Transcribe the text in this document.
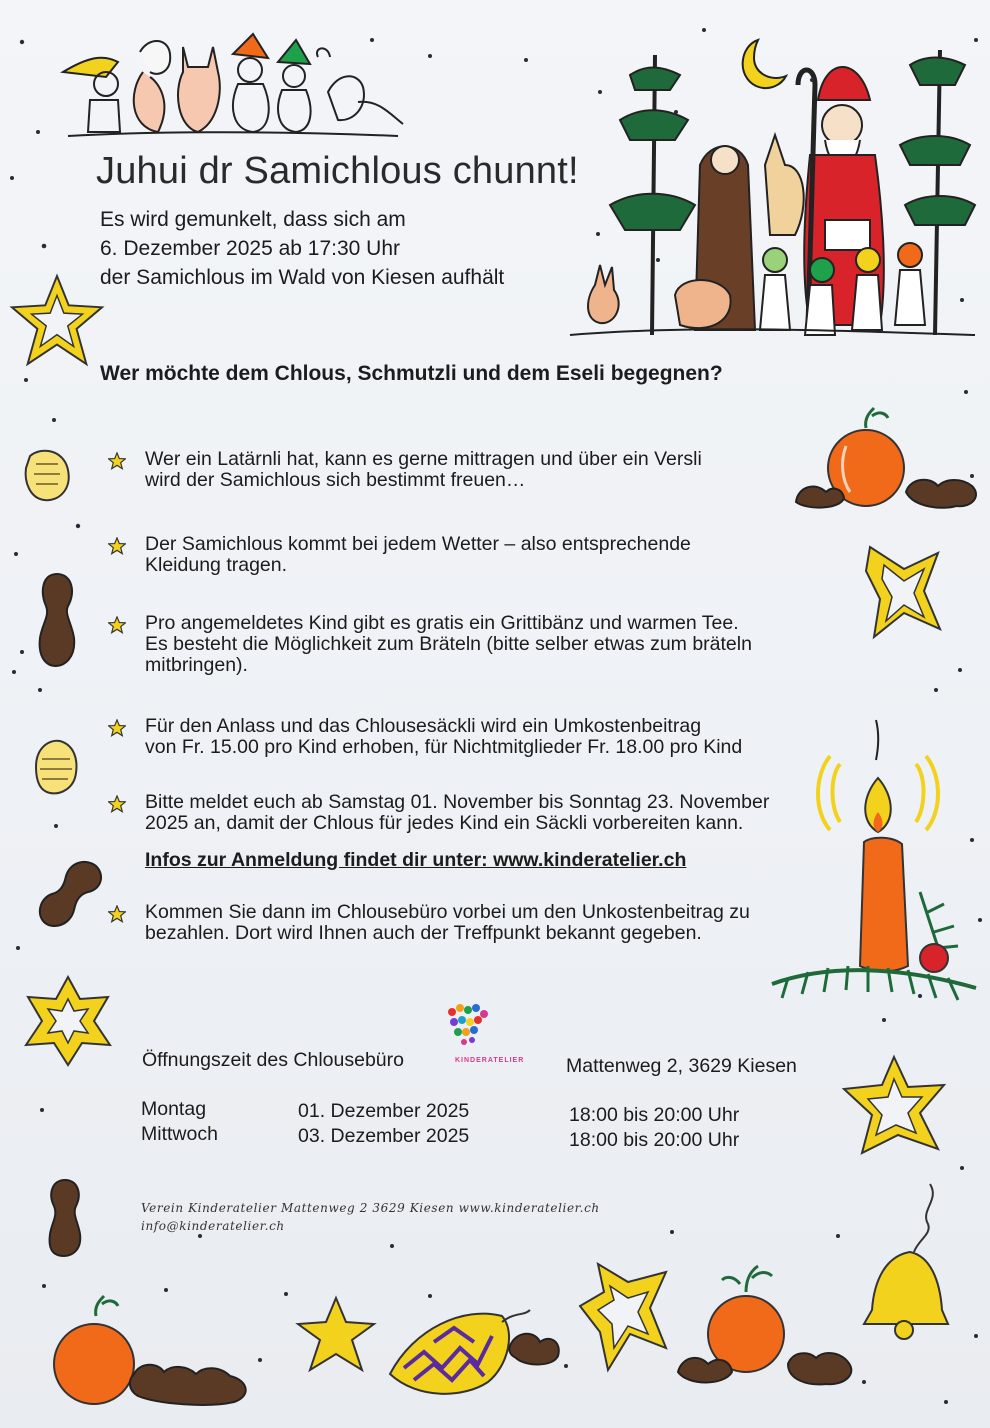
Juhui dr Samichlous chunnt!
Es wird gemunkelt, dass sich am
6. Dezember 2025 ab 17:30 Uhr
der Samichlous im Wald von Kiesen aufhält
Wer möchte dem Chlous, Schmutzli und dem Eseli begegnen?
Wer ein Latärnli hat, kann es gerne mittragen und über ein Versli
wird der Samichlous sich bestimmt freuen…
Der Samichlous kommt bei jedem Wetter – also entsprechende
Kleidung tragen.
Pro angemeldetes Kind gibt es gratis ein Grittibänz und warmen Tee.
Es besteht die Möglichkeit zum Bräteln (bitte selber etwas zum bräteln
mitbringen).
Für den Anlass und das Chlousesäckli wird ein Umkostenbeitrag
von Fr. 15.00 pro Kind erhoben, für Nichtmitglieder Fr. 18.00 pro Kind
Bitte meldet euch ab Samstag 01. November bis Sonntag 23. November
2025 an, damit der Chlous für jedes Kind ein Säckli vorbereiten kann.
Infos zur Anmeldung findet dir unter: www.kinderatelier.ch
Kommen Sie dann im Chlousebüro vorbei um den Unkostenbeitrag zu
bezahlen. Dort wird Ihnen auch der Treffpunkt bekannt gegeben.
Öffnungszeit des Chlousebüro	KINDERATELIER Mattenweg 2, 3629 Kiesen
Montag	01. Dezember 2025	18:00 bis 20:00 Uhr
Mittwoch	03. Dezember 2025	18:00 bis 20:00 Uhr
Verein Kinderatelier Mattenweg 2 3629 Kiesen www.kinderatelier.ch
info@kinderatelier.ch
